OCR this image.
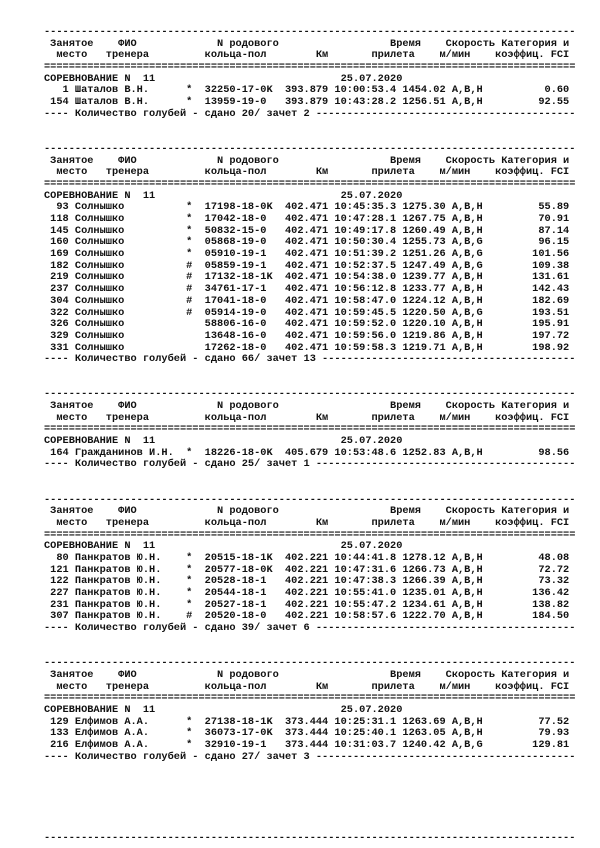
--------------------------------------------------------------------------------------
Занятое    ФИО             N родового                  Время    Скорость Категория и
место   тренера         кольца-пол        Км       прилета    м/мин    коэффиц. FCI
======================================================================================
СОРЕВНОВАНИЕ N  11                              25.07.2020
1 Шаталов В.Н.      *  32250-17-0K  393.879 10:00:53.4 1454.02 A,B,H          0.60
154 Шаталов В.Н.      *  13959-19-0   393.879 10:43:28.2 1256.51 A,B,H         92.55
---- Количество голубей - сдано 20/ зачет 2 ------------------------------------------
--------------------------------------------------------------------------------------
Занятое    ФИО             N родового                  Время    Скорость Категория и
место   тренера         кольца-пол        Км       прилета    м/мин    коэффиц. FCI
======================================================================================
СОРЕВНОВАНИЕ N  11                              25.07.2020
93 Солнышко          *  17198-18-0K  402.471 10:45:35.3 1275.30 A,B,H         55.89
118 Солнышко          *  17042-18-0   402.471 10:47:28.1 1267.75 A,B,H         70.91
145 Солнышко          *  50832-15-0   402.471 10:49:17.8 1260.49 A,B,H         87.14
160 Солнышко          *  05868-19-0   402.471 10:50:30.4 1255.73 A,B,G         96.15
169 Солнышко          *  05910-19-1   402.471 10:51:39.2 1251.26 A,B,G        101.56
182 Солнышко          #  05859-19-1   402.471 10:52:37.5 1247.49 A,B,G        109.38
219 Солнышко          #  17132-18-1K  402.471 10:54:38.0 1239.77 A,B,H        131.61
237 Солнышко          #  34761-17-1   402.471 10:56:12.8 1233.77 A,B,H        142.43
304 Солнышко          #  17041-18-0   402.471 10:58:47.0 1224.12 A,B,H        182.69
322 Солнышко          #  05914-19-0   402.471 10:59:45.5 1220.50 A,B,G        193.51
326 Солнышко             58806-16-0   402.471 10:59:52.0 1220.10 A,B,H        195.91
329 Солнышко             13648-16-0   402.471 10:59:56.0 1219.86 A,B,H        197.72
331 Солнышко             17262-18-0   402.471 10:59:58.3 1219.71 A,B,H        198.92
---- Количество голубей - сдано 66/ зачет 13 -----------------------------------------
--------------------------------------------------------------------------------------
Занятое    ФИО             N родового                  Время    Скорость Категория и
место   тренера         кольца-пол        Км       прилета    м/мин    коэффиц. FCI
======================================================================================
СОРЕВНОВАНИЕ N  11                              25.07.2020
164 Гражданинов И.Н.  *  18226-18-0K  405.679 10:53:48.6 1252.83 A,B,H         98.56
---- Количество голубей - сдано 25/ зачет 1 ------------------------------------------
--------------------------------------------------------------------------------------
Занятое    ФИО             N родового                  Время    Скорость Категория и
место   тренера         кольца-пол        Км       прилета    м/мин    коэффиц. FCI
======================================================================================
СОРЕВНОВАНИЕ N  11                              25.07.2020
80 Панкратов Ю.Н.    *  20515-18-1K  402.221 10:44:41.8 1278.12 A,B,H         48.08
121 Панкратов Ю.Н.    *  20577-18-0K  402.221 10:47:31.6 1266.73 A,B,H         72.72
122 Панкратов Ю.Н.    *  20528-18-1   402.221 10:47:38.3 1266.39 A,B,H         73.32
227 Панкратов Ю.Н.    *  20544-18-1   402.221 10:55:41.0 1235.01 A,B,H        136.42
231 Панкратов Ю.Н.    *  20527-18-1   402.221 10:55:47.2 1234.61 A,B,H        138.82
307 Панкратов Ю.Н.    #  20520-18-0   402.221 10:58:57.6 1222.70 A,B,H        184.50
---- Количество голубей - сдано 39/ зачет 6 ------------------------------------------
--------------------------------------------------------------------------------------
Занятое    ФИО             N родового                  Время    Скорость Категория и
место   тренера         кольца-пол        Км       прилета    м/мин    коэффиц. FCI
======================================================================================
СОРЕВНОВАНИЕ N  11                              25.07.2020
129 Елфимов А.А.      *  27138-18-1K  373.444 10:25:31.1 1263.69 A,B,H         77.52
133 Елфимов А.А.      *  36073-17-0K  373.444 10:25:40.1 1263.05 A,B,H         79.93
216 Елфимов А.А.      *  32910-19-1   373.444 10:31:03.7 1240.42 A,B,G        129.81
---- Количество голубей - сдано 27/ зачет 3 ------------------------------------------
--------------------------------------------------------------------------------------
